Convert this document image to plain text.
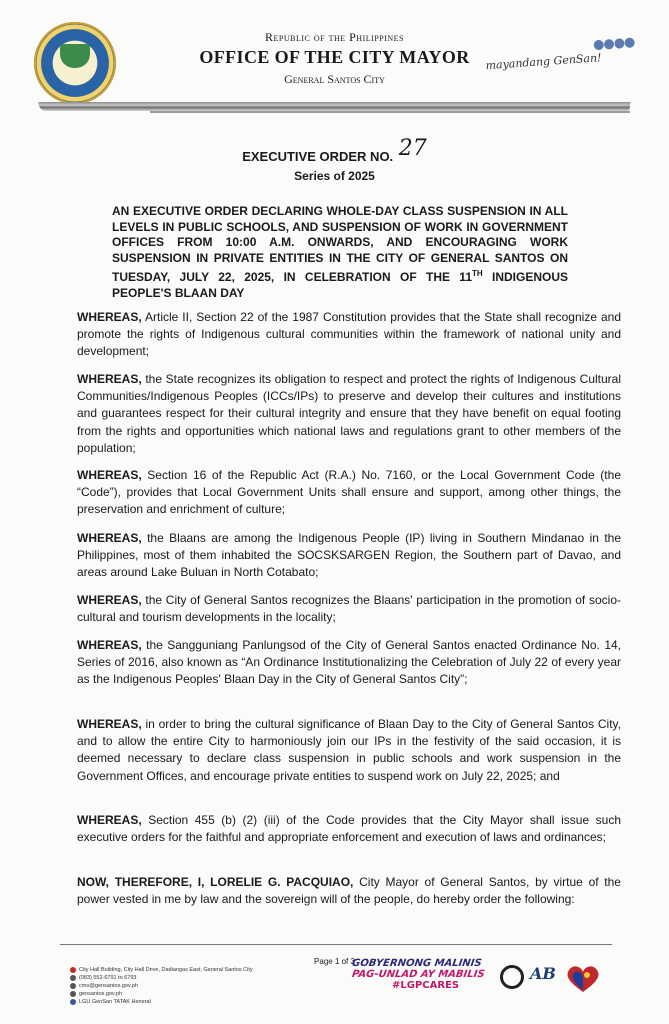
Republic of the Philippines
OFFICE OF THE CITY MAYOR
General Santos City
●●●●
mayandang GenSan!
EXECUTIVE ORDER NO. 27
Series of 2025
AN EXECUTIVE ORDER DECLARING WHOLE-DAY CLASS SUSPENSION IN ALL LEVELS IN PUBLIC SCHOOLS, AND SUSPENSION OF WORK IN GOVERNMENT OFFICES FROM 10:00 A.M. ONWARDS, AND ENCOURAGING WORK SUSPENSION IN PRIVATE ENTITIES IN THE CITY OF GENERAL SANTOS ON TUESDAY, JULY 22, 2025, IN CELEBRATION OF THE 11TH INDIGENOUS PEOPLE'S BLAAN DAY
WHEREAS, Article II, Section 22 of the 1987 Constitution provides that the State shall recognize and promote the rights of Indigenous cultural communities within the framework of national unity and development;
WHEREAS, the State recognizes its obligation to respect and protect the rights of Indigenous Cultural Communities/Indigenous Peoples (ICCs/IPs) to preserve and develop their cultures and institutions and guarantees respect for their cultural integrity and ensure that they have benefit on equal footing from the rights and opportunities which national laws and regulations grant to other members of the population;
WHEREAS, Section 16 of the Republic Act (R.A.) No. 7160, or the Local Government Code (the “Code”), provides that Local Government Units shall ensure and support, among other things, the preservation and enrichment of culture;
WHEREAS, the Blaans are among the Indigenous People (IP) living in Southern Mindanao in the Philippines, most of them inhabited the SOCSKSARGEN Region, the Southern part of Davao, and areas around Lake Buluan in North Cotabato;
WHEREAS, the City of General Santos recognizes the Blaans' participation in the promotion of socio-cultural and tourism developments in the locality;
WHEREAS, the Sangguniang Panlungsod of the City of General Santos enacted Ordinance No. 14, Series of 2016, also known as “An Ordinance Institutionalizing the Celebration of July 22 of every year as the Indigenous Peoples' Blaan Day in the City of General Santos City”;
WHEREAS, in order to bring the cultural significance of Blaan Day to the City of General Santos City, and to allow the entire City to harmoniously join our IPs in the festivity of the said occasion, it is deemed necessary to declare class suspension in public schools and work suspension in the Government Offices, and encourage private entities to suspend work on July 22, 2025; and
WHEREAS, Section 455 (b) (2) (iii) of the Code provides that the City Mayor shall issue such executive orders for the faithful and appropriate enforcement and execution of laws and ordinances;
NOW, THEREFORE, I, LORELIE G. PACQUIAO, City Mayor of General Santos, by virtue of the power vested in me by law and the sovereign will of the people, do hereby order the following:
Page 1 of 3
City Hall Building, City Hall Drive, Dadiangas East, General Santos City
(083) 552-6791 to 6793
cmo@gensantos.gov.ph
gensantos.gov.ph
LGU GenSan TATAK Heneral
GOBYERNONG MALINIS
PAG-UNLAD AY MABILIS
#LGPCARES
AB
